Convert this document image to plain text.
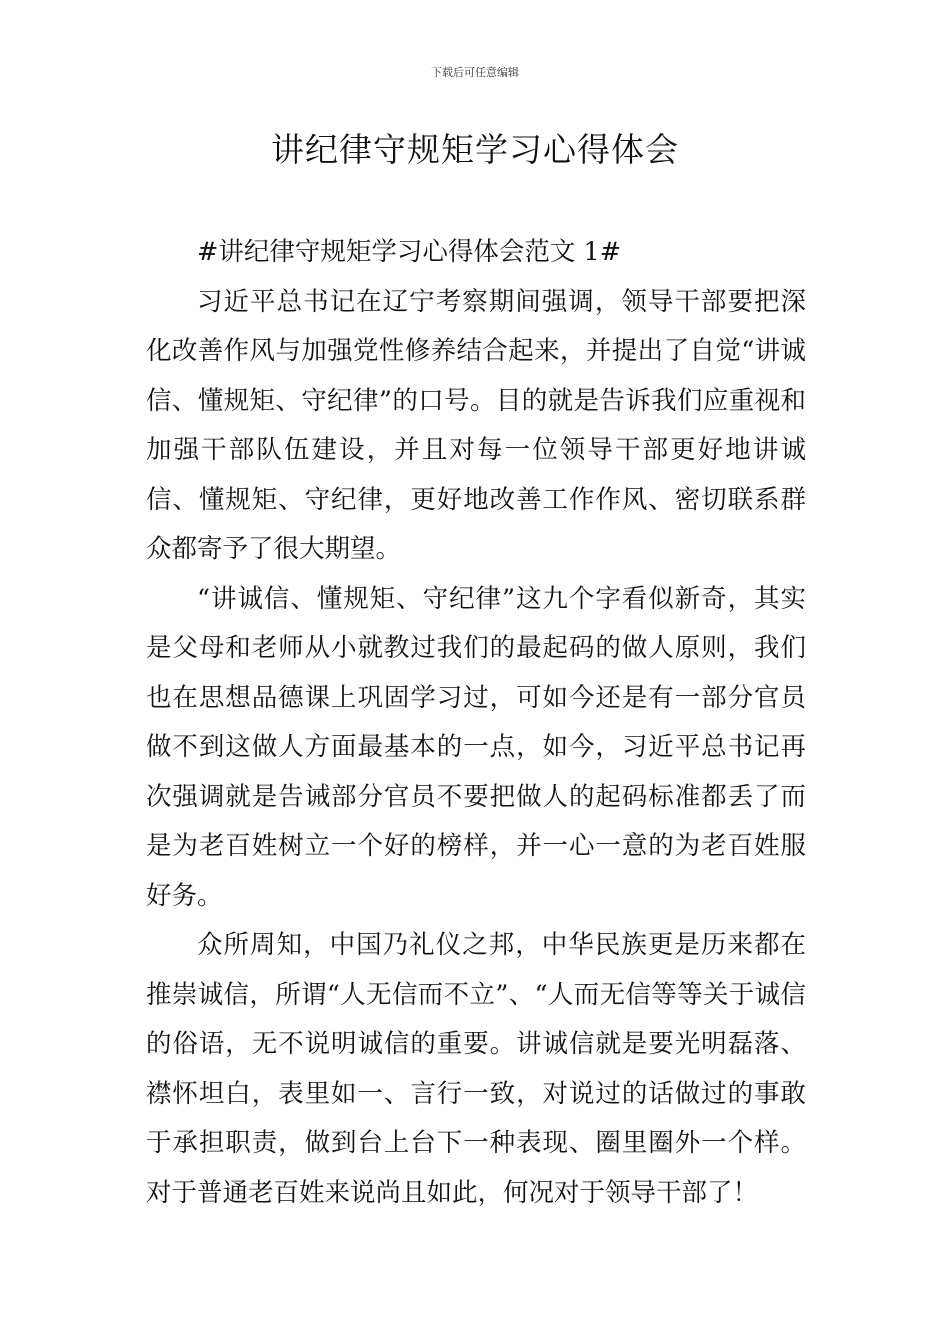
下载后可任意编辑
讲纪律守规矩学习心得体会

#讲纪律守规矩学习心得体会范文 1#

习近平总书记在辽宁考察期间强调，领导干部要把深化改善作风与加强党性修养结合起来，并提出了自觉“讲诚信、懂规矩、守纪律”的口号。目的就是告诉我们应重视和加强干部队伍建设，并且对每一位领导干部更好地讲诚信、懂规矩、守纪律，更好地改善工作作风、密切联系群众都寄予了很大期望。

“讲诚信、懂规矩、守纪律”这九个字看似新奇，其实是父母和老师从小就教过我们的最起码的做人原则，我们也在思想品德课上巩固学习过，可如今还是有一部分官员做不到这做人方面最基本的一点，如今，习近平总书记再次强调就是告诫部分官员不要把做人的起码标准都丢了而是为老百姓树立一个好的榜样，并一心一意的为老百姓服好务。

众所周知，中国乃礼仪之邦，中华民族更是历来都在推崇诚信，所谓“人无信而不立”、“人而无信等等关于诚信的俗语，无不说明诚信的重要。讲诚信就是要光明磊落、襟怀坦白，表里如一、言行一致，对说过的话做过的事敢于承担职责，做到台上台下一种表现、圈里圈外一个样。对于普通老百姓来说尚且如此，何况对于领导干部了！
